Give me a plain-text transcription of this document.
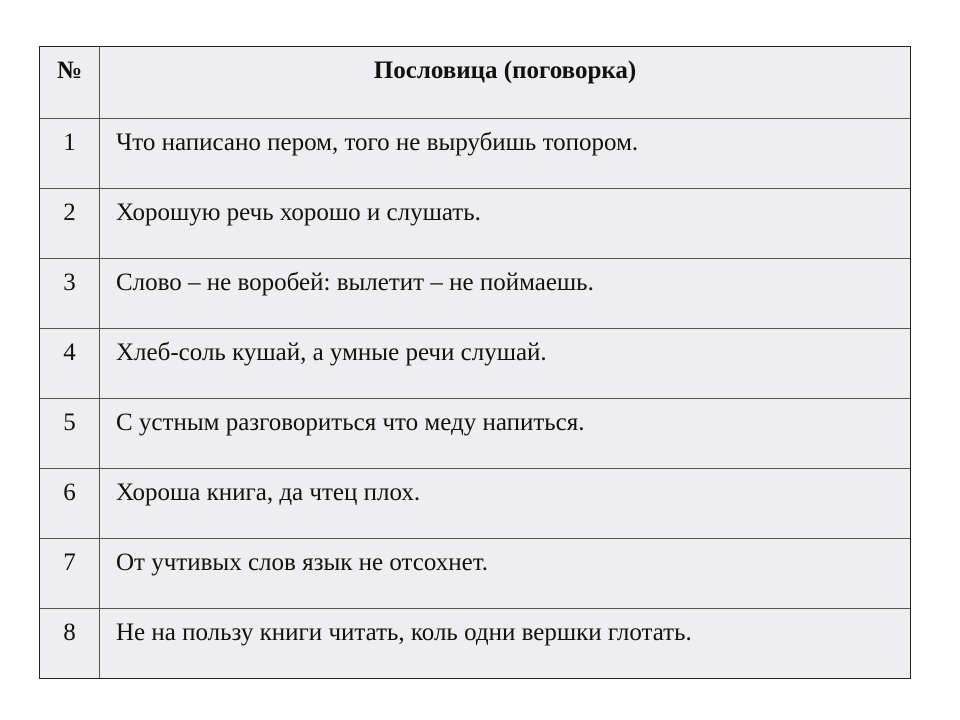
№	Пословица (поговорка)
1	Что написано пером, того не вырубишь топором.
2	Хорошую речь хорошо и слушать.
3	Слово – не воробей: вылетит – не поймаешь.
4	Хлеб-соль кушай, а умные речи слушай.
5	С устным разговориться что меду напиться.
6	Хороша книга, да чтец плох.
7	От учтивых слов язык не отсохнет.
8	Не на пользу книги читать, коль одни вершки глотать.
